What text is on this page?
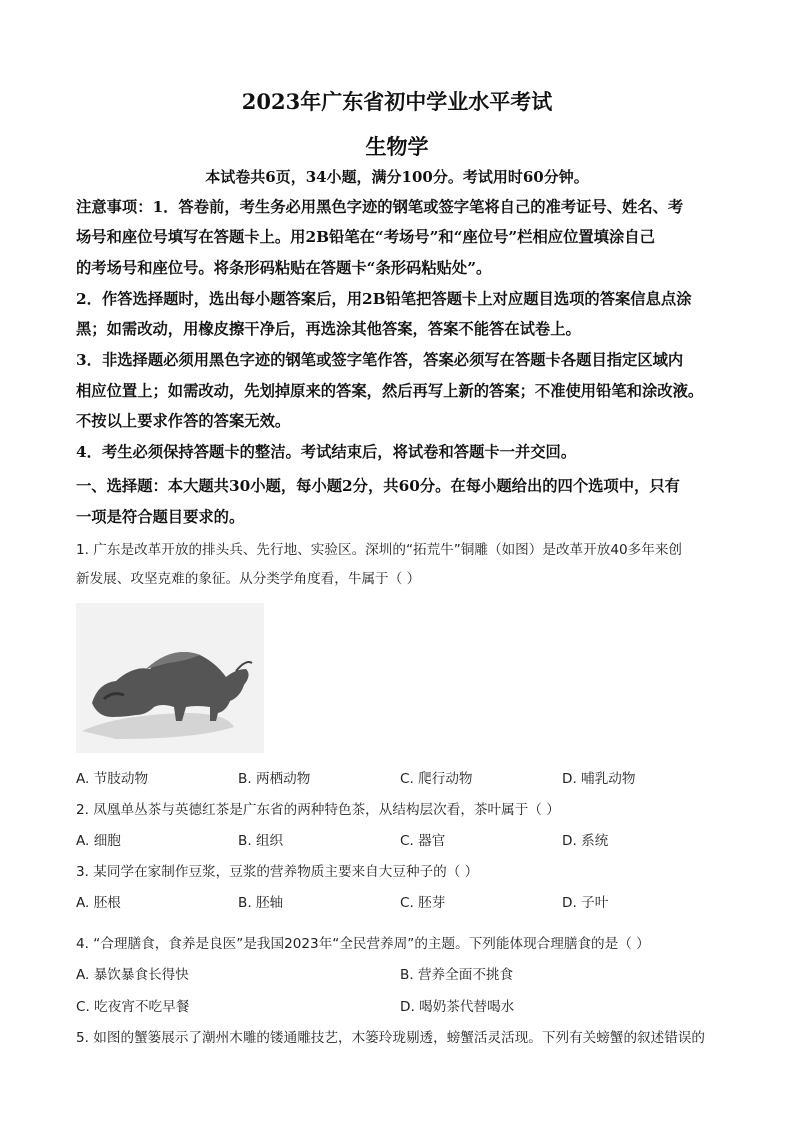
2023年广东省初中学业水平考试
生物学
本试卷共6页，34小题，满分100分。考试用时60分钟。
注意事项：1．答卷前，考生务必用黑色字迹的钢笔或签字笔将自己的准考证号、姓名、考
场号和座位号填写在答题卡上。用2B铅笔在“考场号”和“座位号”栏相应位置填涂自己
的考场号和座位号。将条形码粘贴在答题卡“条形码粘贴处”。
2．作答选择题时，选出每小题答案后，用2B铅笔把答题卡上对应题目选项的答案信息点涂
黑；如需改动，用橡皮擦干净后，再选涂其他答案，答案不能答在试卷上。
3．非选择题必须用黑色字迹的钢笔或签字笔作答，答案必须写在答题卡各题目指定区域内
相应位置上；如需改动，先划掉原来的答案，然后再写上新的答案；不准使用铅笔和涂改液。
不按以上要求作答的答案无效。
4．考生必须保持答题卡的整洁。考试结束后，将试卷和答题卡一并交回。
一、选择题：本大题共30小题，每小题2分，共60分。在每小题给出的四个选项中，只有
一项是符合题目要求的。
1. 广东是改革开放的排头兵、先行地、实验区。深圳的“拓荒牛”铜雕（如图）是改革开放40多年来创
新发展、攻坚克难的象征。从分类学角度看，牛属于（ ）
A. 节肢动物	B. 两栖动物	C. 爬行动物	D. 哺乳动物
2. 凤凰单丛茶与英德红茶是广东省的两种特色茶，从结构层次看，茶叶属于（ ）
A. 细胞	B. 组织	C. 器官	D. 系统
3. 某同学在家制作豆浆，豆浆的营养物质主要来自大豆种子的（ ）
A. 胚根	B. 胚轴	C. 胚芽	D. 子叶
4. “合理膳食，食养是良医”是我国2023年“全民营养周”的主题。下列能体现合理膳食的是（ ）
A. 暴饮暴食长得快	B. 营养全面不挑食
C. 吃夜宵不吃早餐	D. 喝奶茶代替喝水
5. 如图的蟹篓展示了潮州木雕的镂通雕技艺，木篓玲珑剔透，螃蟹活灵活现。下列有关螃蟹的叙述错误的
